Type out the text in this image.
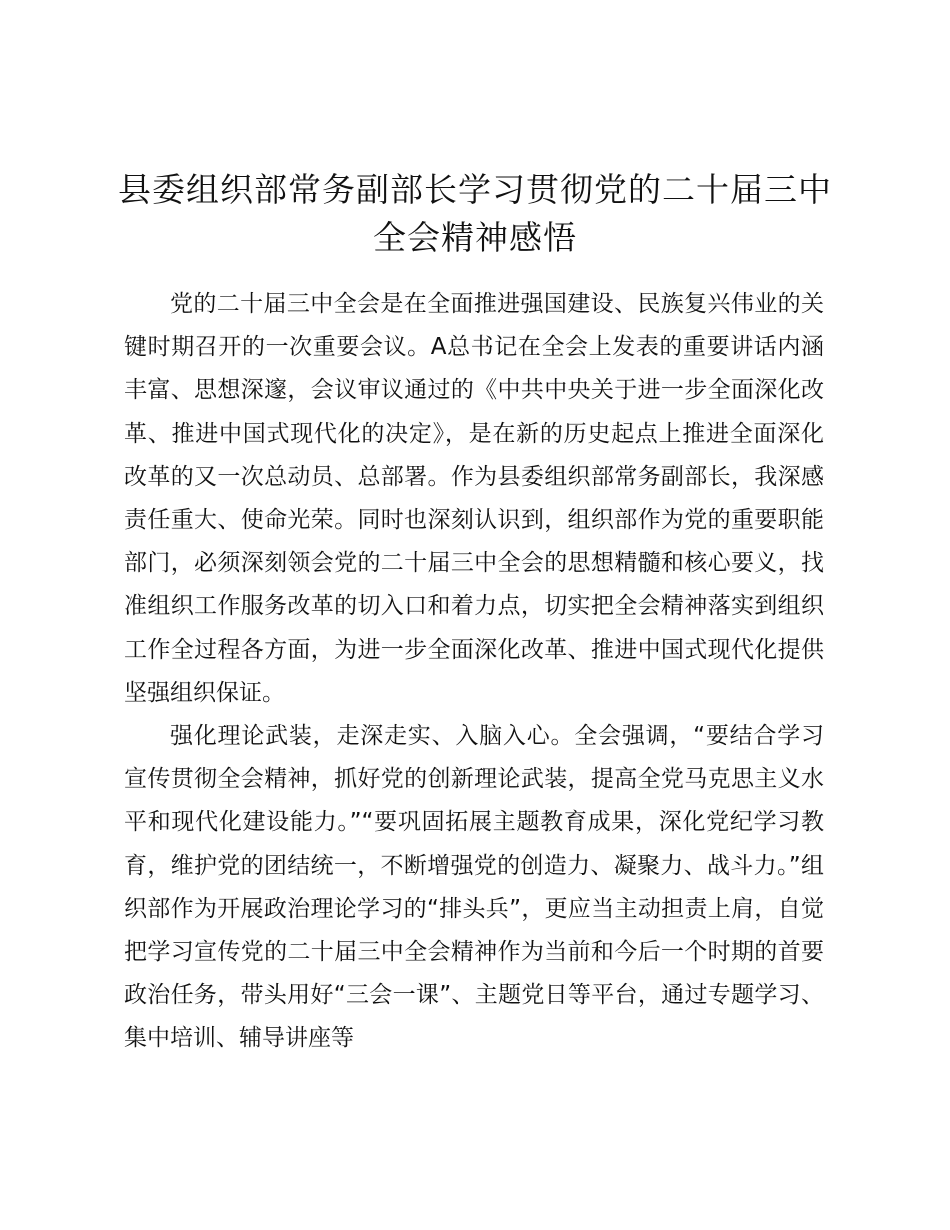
县委组织部常务副部长学习贯彻党的二十届三中全会精神感悟

党的二十届三中全会是在全面推进强国建设、民族复兴伟业的关键时期召开的一次重要会议。A总书记在全会上发表的重要讲话内涵丰富、思想深邃，会议审议通过的《中共中央关于进一步全面深化改革、推进中国式现代化的决定》，是在新的历史起点上推进全面深化改革的又一次总动员、总部署。作为县委组织部常务副部长，我深感责任重大、使命光荣。同时也深刻认识到，组织部作为党的重要职能部门，必须深刻领会党的二十届三中全会的思想精髓和核心要义，找准组织工作服务改革的切入口和着力点，切实把全会精神落实到组织工作全过程各方面，为进一步全面深化改革、推进中国式现代化提供坚强组织保证。

强化理论武装，走深走实、入脑入心。全会强调，“要结合学习宣传贯彻全会精神，抓好党的创新理论武装，提高全党马克思主义水平和现代化建设能力。”“要巩固拓展主题教育成果，深化党纪学习教育，维护党的团结统一，不断增强党的创造力、凝聚力、战斗力。”组织部作为开展政治理论学习的“排头兵”，更应当主动担责上肩，自觉把学习宣传党的二十届三中全会精神作为当前和今后一个时期的首要政治任务，带头用好“三会一课”、主题党日等平台，通过专题学习、集中培训、辅导讲座等
